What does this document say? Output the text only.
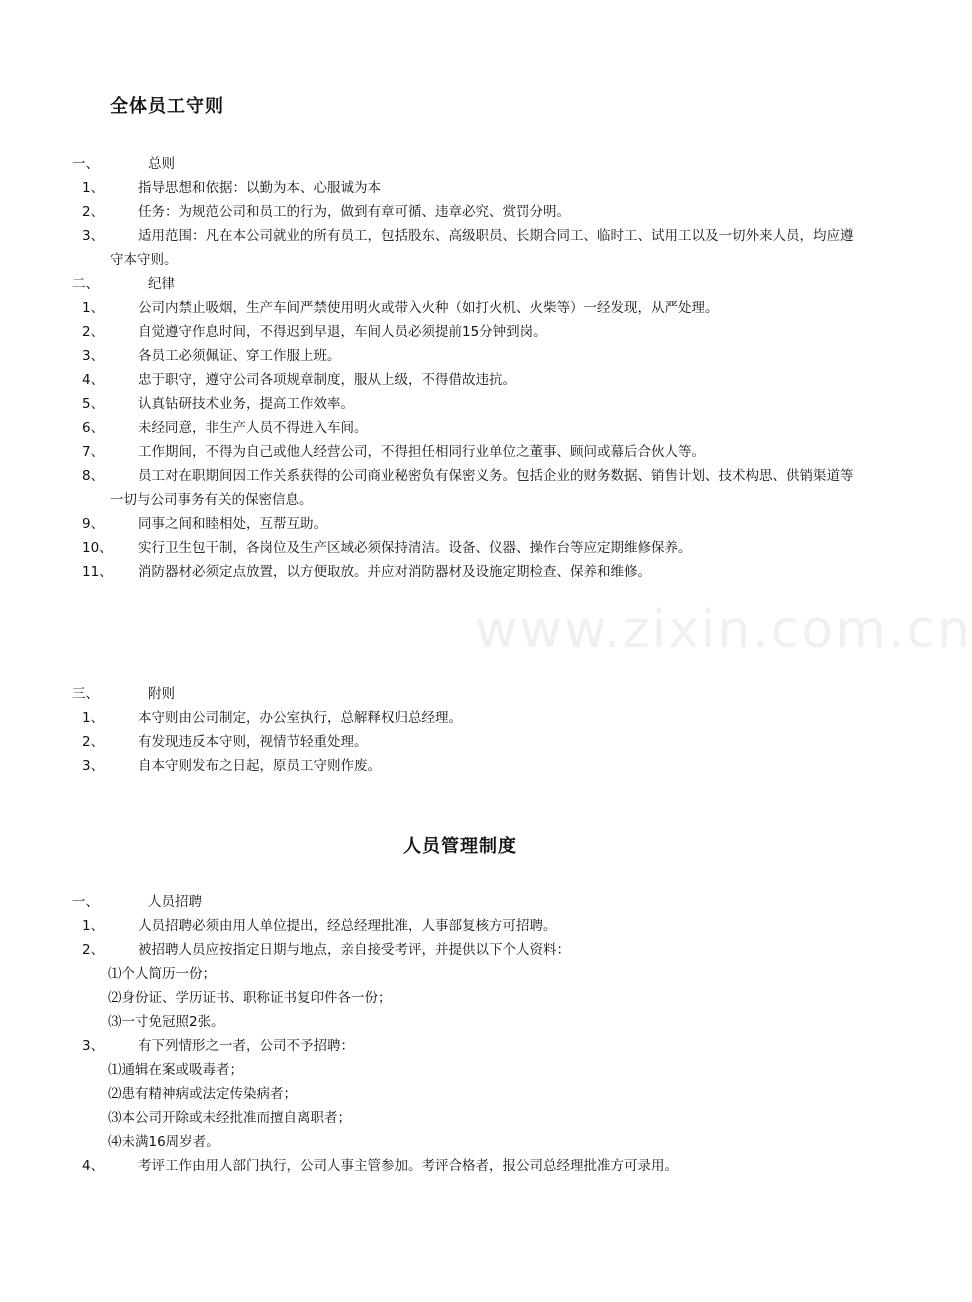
全体员工守则
一、	总则
1、	指导思想和依据：以勤为本、心服诚为本
2、	任务：为规范公司和员工的行为，做到有章可循、违章必究、赏罚分明。
3、	适用范围：凡在本公司就业的所有员工，包括股东、高级职员、长期合同工、临时工、试用工以及一切外来人员，均应遵守本守则。
二、	纪律
1、	公司内禁止吸烟，生产车间严禁使用明火或带入火种（如打火机、火柴等）一经发现，从严处理。
2、	自觉遵守作息时间，不得迟到早退，车间人员必须提前15分钟到岗。
3、	各员工必须佩证、穿工作服上班。
4、	忠于职守，遵守公司各项规章制度，服从上级，不得借故违抗。
5、	认真钻研技术业务，提高工作效率。
6、	未经同意，非生产人员不得进入车间。
7、	工作期间，不得为自己或他人经营公司，不得担任相同行业单位之董事、顾问或幕后合伙人等。
8、	员工对在职期间因工作关系获得的公司商业秘密负有保密义务。包括企业的财务数据、销售计划、技术构思、供销渠道等一切与公司事务有关的保密信息。
9、	同事之间和睦相处，互帮互助。
10、	实行卫生包干制，各岗位及生产区域必须保持清洁。设备、仪器、操作台等应定期维修保养。
11、	消防器材必须定点放置，以方便取放。并应对消防器材及设施定期检查、保养和维修。
三、	附则
1、	本守则由公司制定，办公室执行，总解释权归总经理。
2、	有发现违反本守则，视情节轻重处理。
3、	自本守则发布之日起，原员工守则作废。
人员管理制度
一、	人员招聘
1、	人员招聘必须由用人单位提出，经总经理批准，人事部复核方可招聘。
2、	被招聘人员应按指定日期与地点，亲自接受考评，并提供以下个人资料：
⑴个人简历一份；
⑵身份证、学历证书、职称证书复印件各一份；
⑶一寸免冠照2张。
3、	有下列情形之一者，公司不予招聘：
⑴通辑在案或吸毒者；
⑵患有精神病或法定传染病者；
⑶本公司开除或未经批准而擅自离职者；
⑷未满16周岁者。
4、	考评工作由用人部门执行，公司人事主管参加。考评合格者，报公司总经理批准方可录用。
www.zixin.com.cn
